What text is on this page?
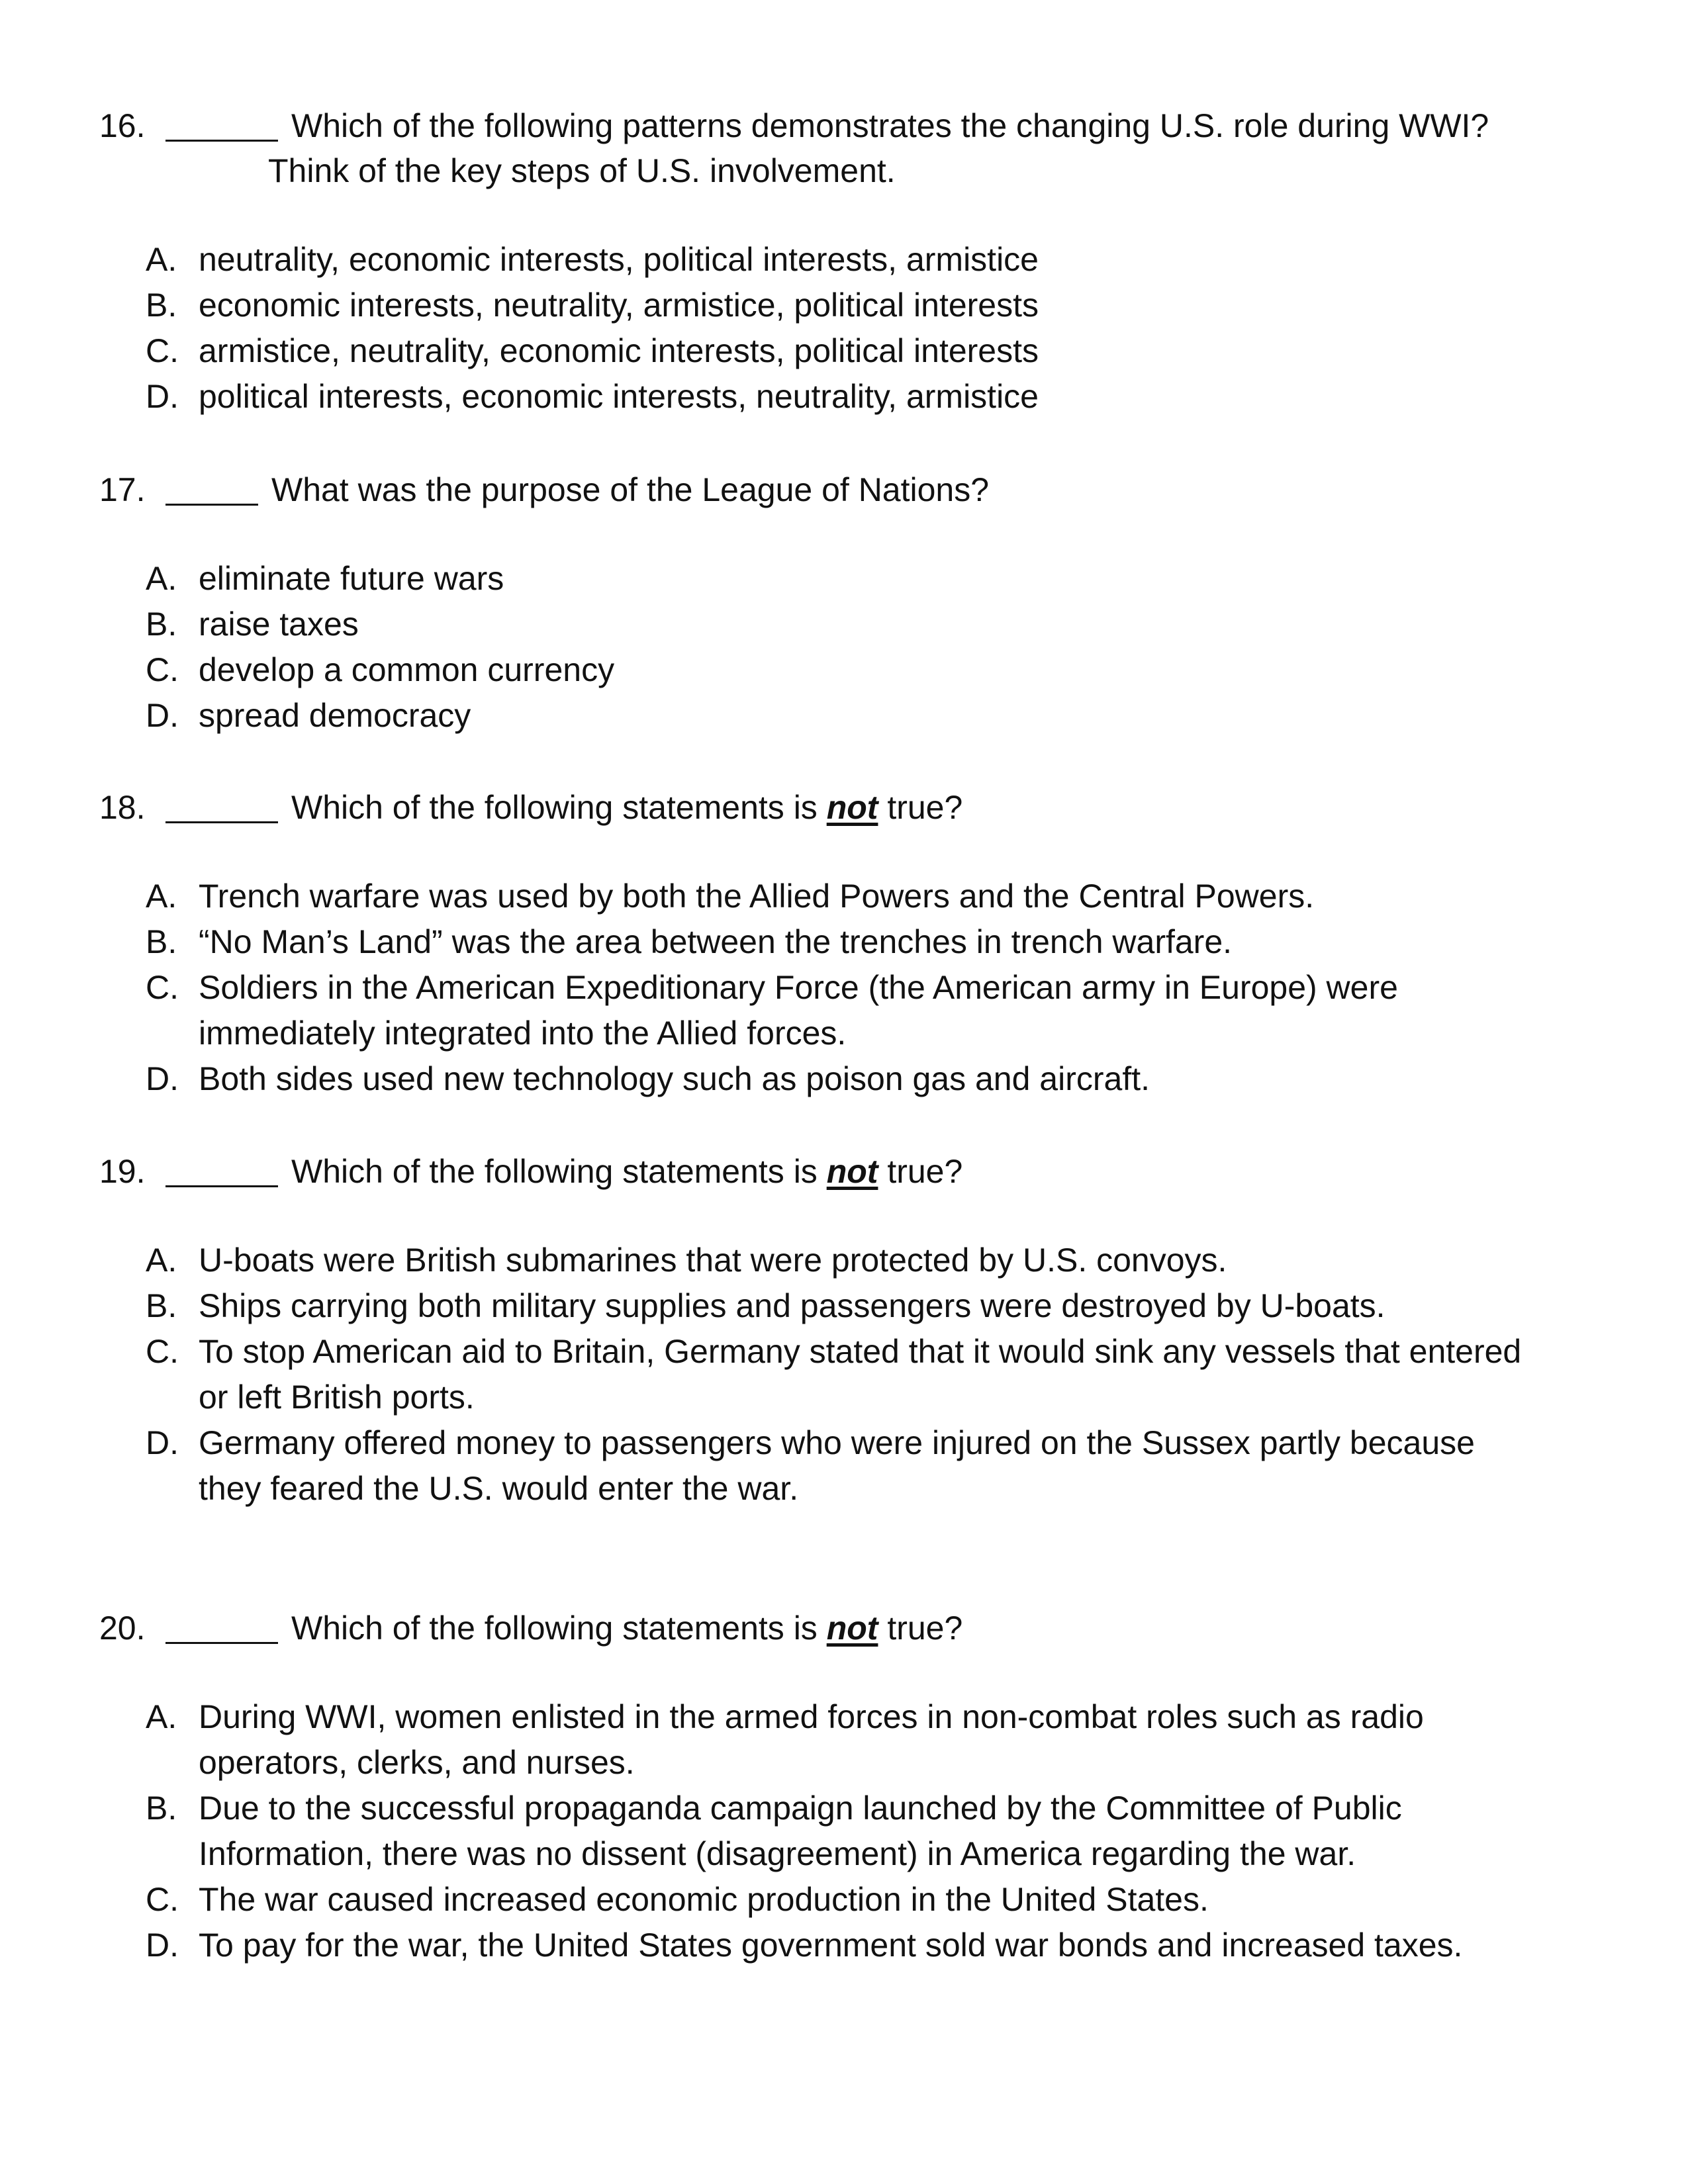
16.	Which of the following patterns demonstrates the changing U.S. role during WWI?
Think of the key steps of U.S. involvement.
A. neutrality, economic interests, political interests, armistice
B. economic interests, neutrality, armistice, political interests
C. armistice, neutrality, economic interests, political interests
D. political interests, economic interests, neutrality, armistice
17.	What was the purpose of the League of Nations?
A. eliminate future wars
B. raise taxes
C. develop a common currency
D. spread democracy
18.	Which of the following statements is not true?
A. Trench warfare was used by both the Allied Powers and the Central Powers.
B. “No Man’s Land” was the area between the trenches in trench warfare.
C. Soldiers in the American Expeditionary Force (the American army in Europe) were immediately integrated into the Allied forces.
D. Both sides used new technology such as poison gas and aircraft.
19.	Which of the following statements is not true?
A. U-boats were British submarines that were protected by U.S. convoys.
B. Ships carrying both military supplies and passengers were destroyed by U-boats.
C. To stop American aid to Britain, Germany stated that it would sink any vessels that entered or left British ports.
D. Germany offered money to passengers who were injured on the Sussex partly because they feared the U.S. would enter the war.
20.	Which of the following statements is not true?
A. During WWI, women enlisted in the armed forces in non-combat roles such as radio operators, clerks, and nurses.
B. Due to the successful propaganda campaign launched by the Committee of Public Information, there was no dissent (disagreement) in America regarding the war.
C. The war caused increased economic production in the United States.
D. To pay for the war, the United States government sold war bonds and increased taxes.
